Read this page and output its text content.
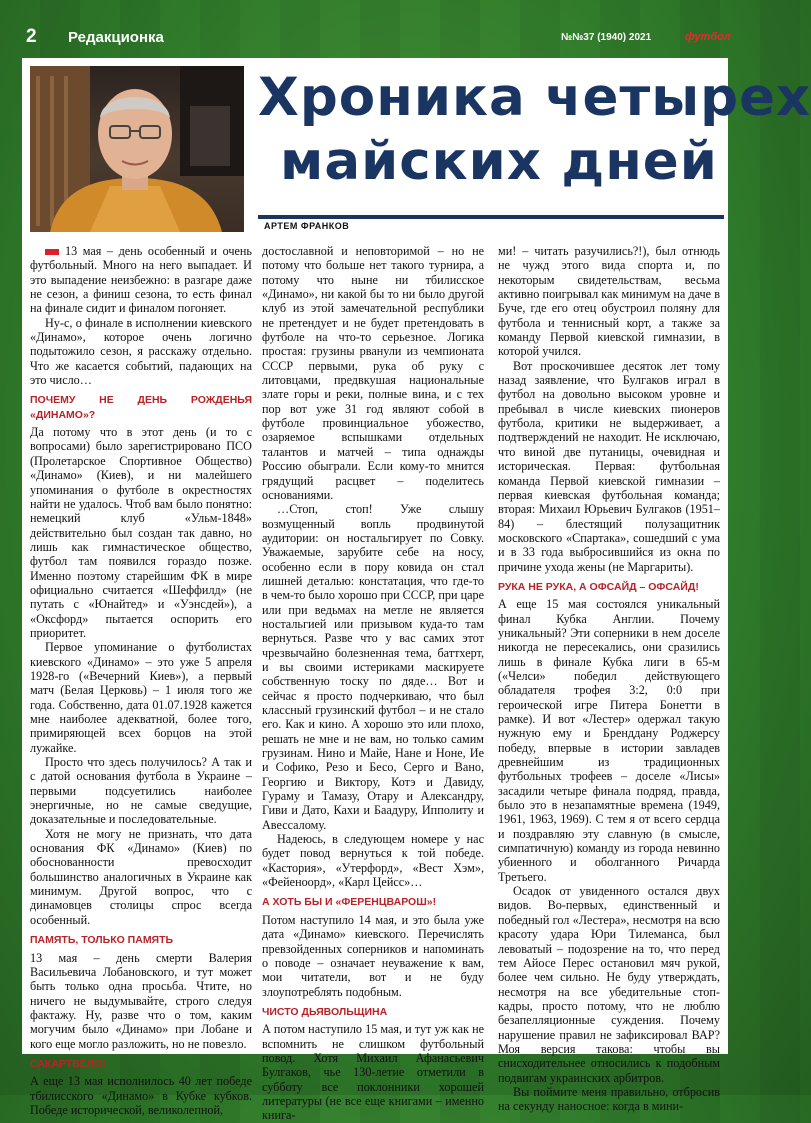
2 Редакционка	№№37 (1940) 2021	футбол
Хроника четырех
майских дней
АРТЕМ ФРАНКОВ

13 мая – день особенный и очень футбольный. Много на него выпадает. И это выпадение неизбежно: в разгаре даже не сезон, а финиш сезона, то есть финал на финале сидит и финалом погоняет.

Ну-с, о финале в исполнении киевского «Динамо», которое очень логично подытожило сезон, я расскажу отдельно. Что же касается событий, падающих на это число…

ПОЧЕМУ НЕ ДЕНЬ РОЖДЕНЬЯ «ДИНАМО»?

Да потому что в этот день (и то с вопросами) было зарегистрировано ПСО (Пролетарское Спортивное Общество) «Динамо» (Киев), и ни малейшего упоминания о футболе в окрестностях найти не удалось. Чтоб вам было понятно: немецкий клуб «Ульм-1848» действительно был создан так давно, но лишь как гимнастическое общество, футбол там появился гораздо позже. Именно поэтому старейшим ФК в мире официально считается «Шеффилд» (не путать с «Юнайтед» и «Уэнсдей»), а «Оксфорд» пытается оспорить его приоритет.

Первое упоминание о футболистах киевского «Динамо» – это уже 5 апреля 1928-го («Вечерний Киев»), а первый матч (Белая Церковь) – 1 июля того же года. Собственно, дата 01.07.1928 кажется мне наиболее адекватной, более того, примиряющей всех борцов на этой лужайке.

Просто что здесь получилось? А так и с датой основания футбола в Украине – первыми подсуетились наиболее энергичные, но не самые сведущие, доказательные и последовательные.

Хотя не могу не признать, что дата основания ФК «Динамо» (Киев) по обоснованности превосходит большинство аналогичных в Украине как минимум. Другой вопрос, что с динамовцев столицы спрос всегда особенный.

ПАМЯТЬ, ТОЛЬКО ПАМЯТЬ

13 мая – день смерти Валерия Васильевича Лобановского, и тут может быть только одна просьба. Чтите, но ничего не выдумывайте, строго следуя фактажу. Ну, разве что о том, каким могучим было «Динамо» при Лобане и кого еще могло разложить, но не повезло.

САКАРТВЕЛО!

А еще 13 мая исполнилось 40 лет победе тбилисского «Динамо» в Кубке кубков. Победе исторической, великолепной,

достославной и неповторимой – но не потому что больше нет такого турнира, а потому что ныне ни тбилисское «Динамо», ни какой бы то ни было другой клуб из этой замечательной республики не претендует и не будет претендовать в футболе на что-то серьезное. Логика простая: грузины рванули из чемпионата СССР первыми, рука об руку с литовцами, предвкушая национальные злате горы и реки, полные вина, и с тех пор вот уже 31 год являют собой в футболе провинциальное убожество, озаряемое вспышками отдельных талантов и матчей – типа однажды Россию обыграли. Если кому-то мнится грядущий расцвет – поделитесь основаниями.

…Стоп, стоп! Уже слышу возмущенный вопль продвинутой аудитории: он ностальгирует по Совку. Уважаемые, зарубите себе на носу, особенно если в пору ковида он стал лишней деталью: констатация, что где-то в чем-то было хорошо при СССР, при царе или при ведьмах на метле не является ностальгией или призывом куда-то там вернуться. Разве что у вас самих этот чрезвычайно болезненная тема, баттхерт, и вы своими истериками маскируете собственную тоску по дяде… Вот и сейчас я просто подчеркиваю, что был классный грузинский футбол – и не стало его. Как и кино. А хорошо это или плохо, решать не мне и не вам, но только самим грузинам. Нино и Майе, Нане и Ноне, Ие и Софико, Резо и Бесо, Серго и Вано, Георгию и Виктору, Котэ и Давиду, Гураму и Тамазу, Отару и Александру, Гиви и Дато, Кахи и Баадуру, Ипполиту и Авессалому.

Надеюсь, в следующем номере у нас будет повод вернуться к той победе. «Кастория», «Утерфорд», «Вест Хэм», «Фейеноорд», «Карл Цейсс»…

А ХОТЬ БЫ И «ФЕРЕНЦВАРОШ»!

Потом наступило 14 мая, и это была уже дата «Динамо» киевского. Перечислять превзойденных соперников и напоминать о поводе – означает неуважение к вам, мои читатели, вот и не буду злоупотреблять подобным.

ЧИСТО ДЬЯВОЛЬЩИНА

А потом наступило 15 мая, и тут уж как не вспомнить не слишком футбольный повод. Хотя Михаил Афанасьевич Булгаков, чье 130-летие отметили в субботу все поклонники хорошей литературы (не все еще книгами – именно книга-

ми! – читать разучились?!), был отнюдь не чужд этого вида спорта и, по некоторым свидетельствам, весьма активно поигрывал как минимум на даче в Буче, где его отец обустроил поляну для футбола и теннисный корт, а также за команду Первой киевской гимназии, в которой учился.

Вот проскочившее десяток лет тому назад заявление, что Булгаков играл в футбол на довольно высоком уровне и пребывал в числе киевских пионеров футбола, критики не выдерживает, а подтверждений не находит. Не исключаю, что виной две путаницы, очевидная и историческая. Первая: футбольная команда Первой киевской гимназии – первая киевская футбольная команда; вторая: Михаил Юрьевич Булгаков (1951–84) – блестящий полузащитник московского «Спартака», сошедший с ума и в 33 года выбросившийся из окна по причине ухода жены (не Маргариты).

РУКА НЕ РУКА, А ОФСАЙД – ОФСАЙД!

А еще 15 мая состоялся уникальный финал Кубка Англии. Почему уникальный? Эти соперники в нем доселе никогда не пересекались, они сразились лишь в финале Кубка лиги в 65-м («Челси» победил действующего обладателя трофея 3:2, 0:0 при героической игре Питера Бонетти в рамке). И вот «Лестер» одержал такую нужную ему и Бренддану Роджерсу победу, впервые в истории завладев древнейшим из традиционных футбольных трофеев – доселе «Лисы» засадили четыре финала подряд, правда, было это в незапамятные времена (1949, 1961, 1963, 1969). С тем я от всего сердца и поздравляю эту славную (в смысле, симпатичную) команду из города невинно убиенного и оболганного Ричарда Третьего.

Осадок от увиденного остался двух видов. Во-первых, единственный и победный гол «Лестера», несмотря на всю красоту удара Юри Тилеманса, был левоватый – подозрение на то, что перед тем Айосе Перес остановил мяч рукой, более чем сильно. Не буду утверждать, несмотря на все убедительные стоп-кадры, просто потому, что не люблю безапелляционные суждения. Почему нарушение правил не зафиксировал ВАР? Моя версия такова: чтобы вы снисходительнее относились к подобным подвигам украинских арбитров.

Вы поймите меня правильно, отбросив на секунду наносное: когда в мини-
